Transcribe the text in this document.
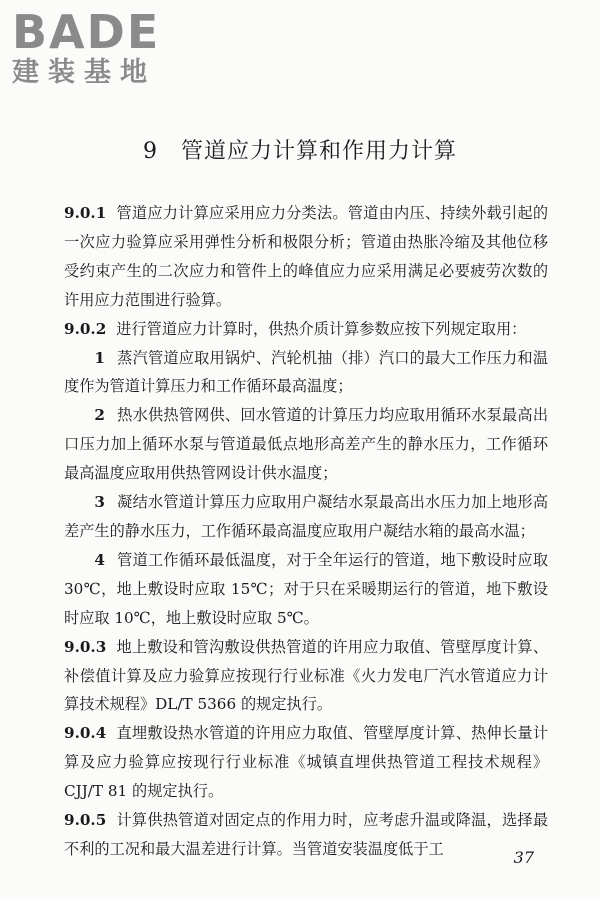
BADE
建装基地
9　管道应力计算和作用力计算

9.0.1 管道应力计算应采用应力分类法。管道由内压、持续外载引起的一次应力验算应采用弹性分析和极限分析；管道由热胀冷缩及其他位移受约束产生的二次应力和管件上的峰值应力应采用满足必要疲劳次数的许用应力范围进行验算。

9.0.2 进行管道应力计算时，供热介质计算参数应按下列规定取用：

1 蒸汽管道应取用锅炉、汽轮机抽（排）汽口的最大工作压力和温度作为管道计算压力和工作循环最高温度；

2 热水供热管网供、回水管道的计算压力均应取用循环水泵最高出口压力加上循环水泵与管道最低点地形高差产生的静水压力，工作循环最高温度应取用供热管网设计供水温度；

3 凝结水管道计算压力应取用户凝结水泵最高出水压力加上地形高差产生的静水压力，工作循环最高温度应取用户凝结水箱的最高水温；

4 管道工作循环最低温度，对于全年运行的管道，地下敷设时应取 30℃，地上敷设时应取 15℃；对于只在采暖期运行的管道，地下敷设时应取 10℃，地上敷设时应取 5℃。

9.0.3 地上敷设和管沟敷设供热管道的许用应力取值、管壁厚度计算、补偿值计算及应力验算应按现行行业标准《火力发电厂汽水管道应力计算技术规程》DL/T 5366 的规定执行。

9.0.4 直埋敷设热水管道的许用应力取值、管壁厚度计算、热伸长量计算及应力验算应按现行行业标准《城镇直埋供热管道工程技术规程》CJJ/T 81 的规定执行。

9.0.5 计算供热管道对固定点的作用力时，应考虑升温或降温，选择最不利的工况和最大温差进行计算。当管道安装温度低于工	37
